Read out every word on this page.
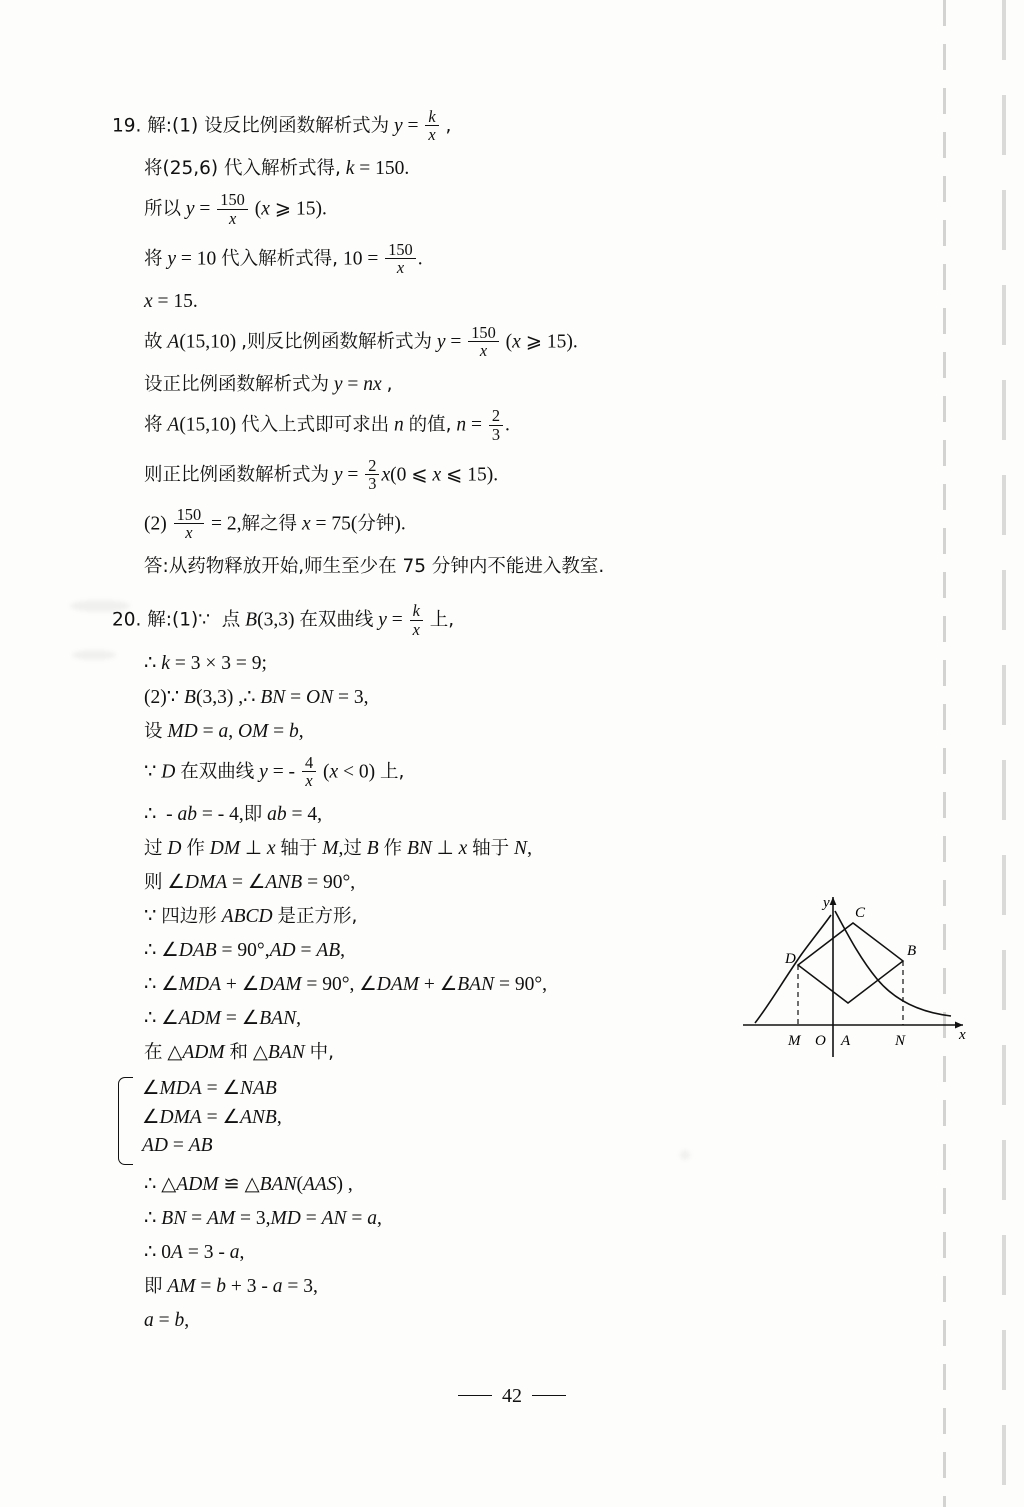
19. 解:(1) 设反比例函数解析式为 $y = \frac{k}{x}$ ,
将(25,6) 代入解析式得, k = 150.
所以 $y = \frac{150}{x} (x$ ⩾ 15).
将 y = 10 代入解析式得, $10 = \frac{150}{x}$ .
x = 15.
故 A(15,10) ,则反比例函数解析式为 $y = \frac{150}{x} (x$ ⩾ 15).
设正比例函数解析式为 y = nx ,
将 A(15,10) 代入上式即可求出 n 的值, $n = \frac{2}{3}$ .
则正比例函数解析式为 $y = \frac{2}{3} x(0$ ⩽ x ⩽ 15).
$(2) \frac{150}{x} = 2$,解之得 x = 75(分钟).
答:从药物释放开始,师生至少在 75 分钟内不能进入教室.
20. 解:(1)∵  点 B(3,3) 在双曲线 $y = \frac{k}{x}$ 上,
∴ k = 3 × 3 = 9;
(2)∵ B(3,3) ,∴ BN = ON = 3,
设 MD = a, OM = b,
∵ D 在双曲线 y = - $\frac{4}{x} (x < 0)$ 上,
∴  - ab = - 4,即 ab = 4,
过 D 作 DM ⊥ x 轴于 M,过 B 作 BN ⊥ x 轴于 N,
则 ∠DMA = ∠ANB = 90°,
∵ 四边形 ABCD 是正方形,
∴ ∠DAB = 90°,AD = AB,
∴ ∠MDA + ∠DAM = 90°, ∠DAM + ∠BAN = 90°,
∴ ∠ADM = ∠BAN,
在 △ADM 和 △BAN 中,
∠MDA = ∠NAB
∠DMA = ∠ANB,
AD = AB
∴ △ADM ≌ △BAN(AAS) ,
∴ BN = AM = 3,MD = AN = a,
∴ 0A = 3 - a,
即 AM = b + 3 - a = 3,
a = b,
y
x
D
C
B
M O A	N
42
